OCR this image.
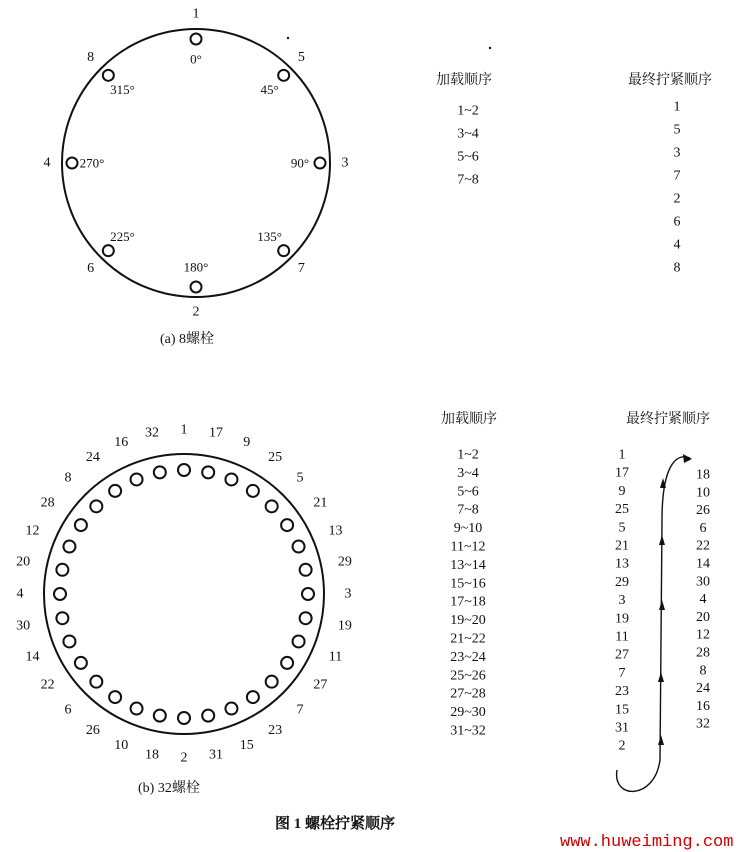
1
0°	5
45°
3
90°
7
135°
2
180°
6
225°
4 270°
8
315°
(a) 8螺栓
加载顺序
1~2
3~4
5~6
7~8
最终拧紧顺序
1
5
3
7
2
6
4
8
1 17
9
25
5
21
13
29
3
19
11
27
7
23
15
31
2
18
10
26
6
22
14
30
4
20
12
28
8
24
16
32
(b) 32螺栓
加载顺序
1~2
3~4
5~6
7~8
9~10
11~12
13~14
15~16
17~18
19~20
21~22
23~24
25~26
27~28
29~30
31~32
最终拧紧顺序
1
17
9
25
5
21
13
29
3
19
11
27
7
23
15
31
2
18
10
26
6
22
14
30
4
20
12
28
8
24
16
32
图 1 螺栓拧紧顺序
www.huweiming.com
